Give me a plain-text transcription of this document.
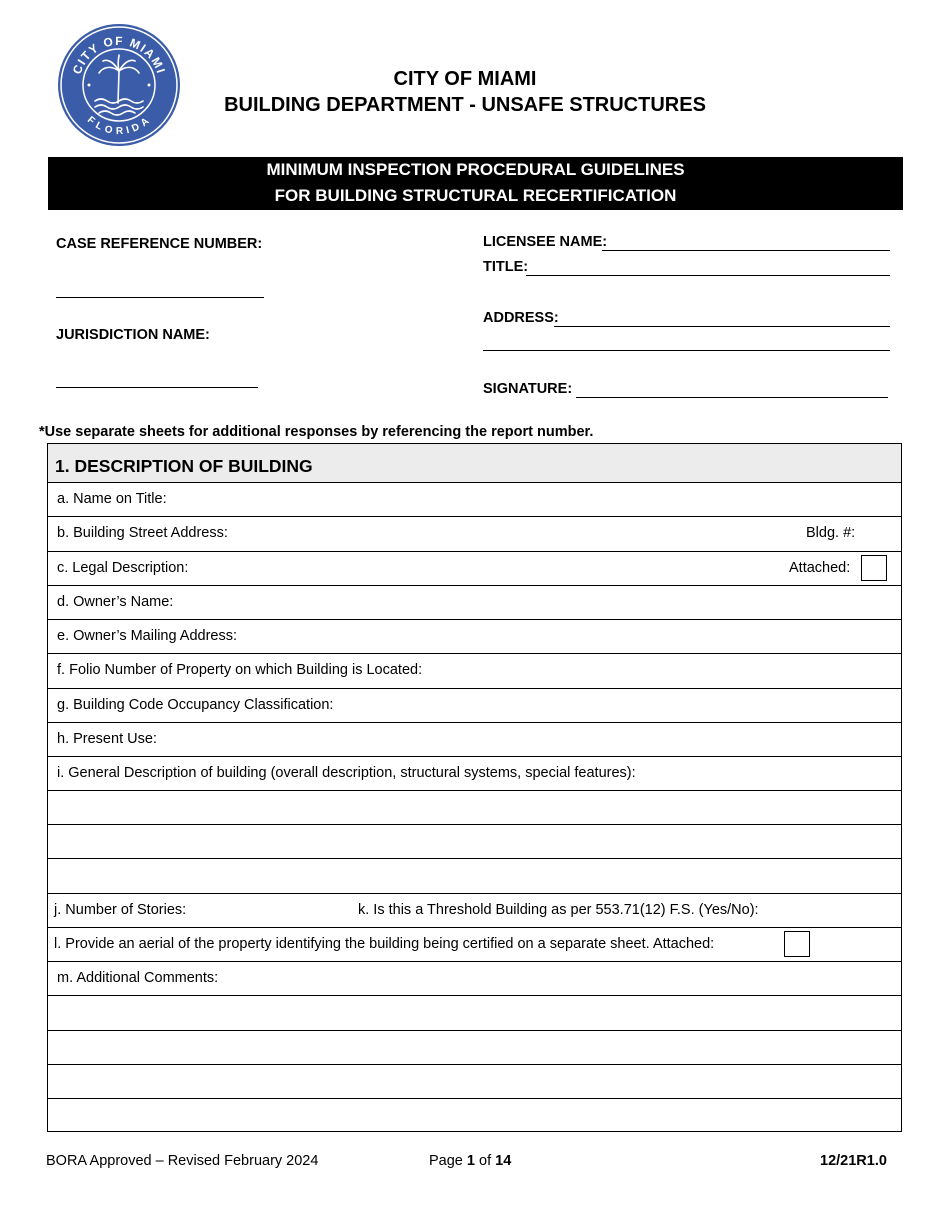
CITY OF MIAMI
FLORIDA
CITY OF MIAMI
BUILDING DEPARTMENT - UNSAFE STRUCTURES
MINIMUM INSPECTION PROCEDURAL GUIDELINES
FOR BUILDING STRUCTURAL RECERTIFICATION
CASE REFERENCE NUMBER:
JURISDICTION NAME:
LICENSEE NAME:
TITLE:
ADDRESS:
SIGNATURE:
*Use separate sheets for additional responses by referencing the report number.
1. DESCRIPTION OF BUILDING
a. Name on Title:
b. Building Street Address:	Bldg. #:
c. Legal Description:	Attached:
d. Owner’s Name:
e. Owner’s Mailing Address:
f. Folio Number of Property on which Building is Located:
g. Building Code Occupancy Classification:
h. Present Use:
i. General Description of building (overall description, structural systems, special features):
j. Number of Stories:	k. Is this a Threshold Building as per 553.71(12) F.S. (Yes/No):
l. Provide an aerial of the property identifying the building being certified on a separate sheet. Attached:
m. Additional Comments:
BORA Approved – Revised February 2024	Page 1 of 14	12/21R1.0
